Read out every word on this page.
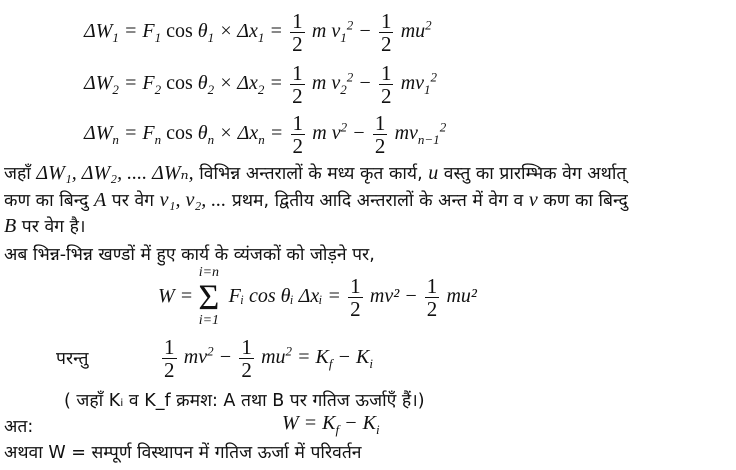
$\Delta W_1 = F_1$ $\cos \theta_1 \times \Delta x_1 = \frac{1}{2}$ m $v_1^2 - \frac{1}{2} mu^2$
$\Delta W_2 = F_2$ $\cos \theta_2 \times \Delta x_2 = \frac{1}{2}$ m $v_2^2 - \frac{1}{2} mv_1^2$
$\Delta W_n = F_n$ $\cos \theta_n \times \Delta x_n = \frac{1}{2}$ m $v^2 - \frac{1}{2} mv_{n-1}^2$
जहाँ ΔW₁, ΔW₂, .... ΔWₙ, विभिन्न अन्तरालों के मध्य कृत कार्य, u वस्तु का प्रारम्भिक वेग अर्थात्
कण का बिन्दु A पर वेग v₁, v₂, ... प्रथम, द्वितीय आदि अन्तरालों के अन्त में वेग व v कण का बिन्दु
B पर वेग है।
अब भिन्न-भिन्न खण्डों में हुए कार्य के व्यंजकों को जोड़ने पर,
W =
i=n
Σ
i=1
Fᵢ cos θᵢ Δxᵢ = $\frac{1}{2} mv^2 - \frac{1}{2} mu^2$
परन्तु	$\frac{1}{2} mv^2 - \frac{1}{2} mu^2 = K_f - K_i$
( जहाँ Kᵢ व K_f क्रमश: A तथा B पर गतिज ऊर्जाएँ हैं।)
अत:	$W = K_f - K_i$
अथवा W = सम्पूर्ण विस्थापन में गतिज ऊर्जा में परिवर्तन
